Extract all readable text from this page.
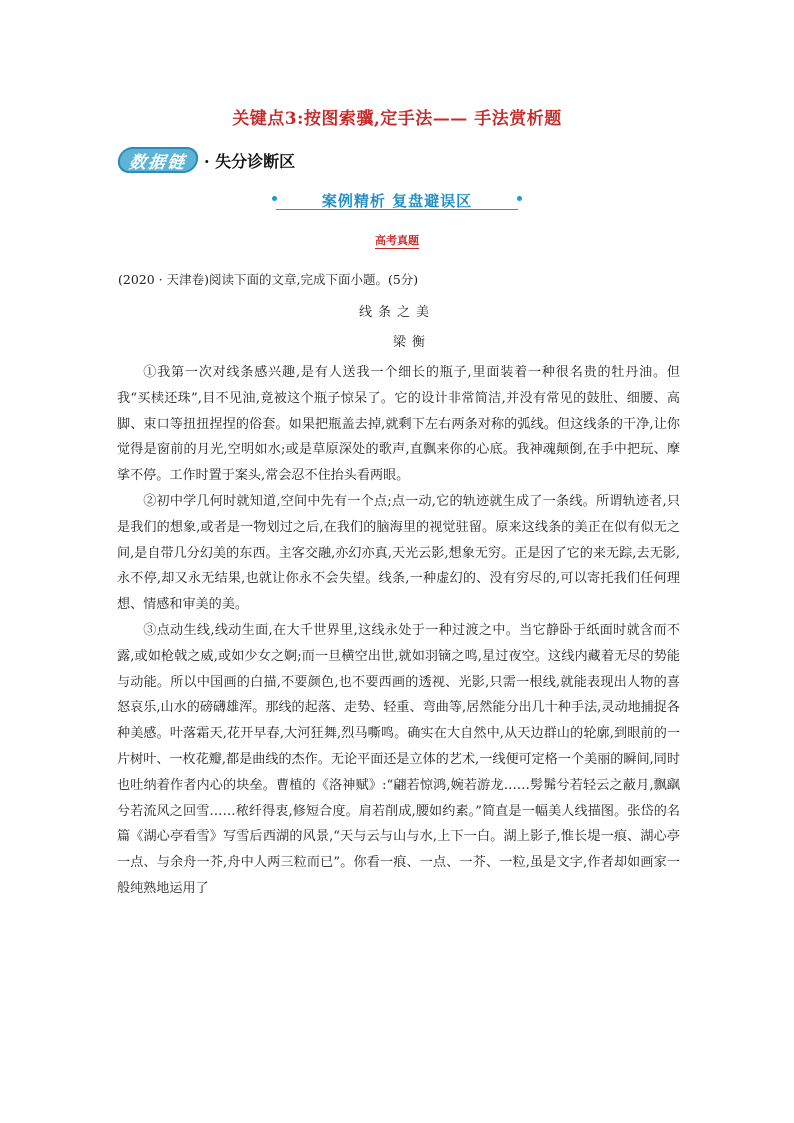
关键点3:按图索骥,定手法—— 手法赏析题
数据链	· 失分诊断区
案例精析 复盘避误区
高考真题
(2020 · 天津卷)阅读下面的文章,完成下面小题。(5分)
线条之美
梁衡

①我第一次对线条感兴趣,是有人送我一个细长的瓶子,里面装着一种很名贵的牡丹油。但我“买椟还珠”,目不见油,竟被这个瓶子惊呆了。它的设计非常简洁,并没有常见的鼓肚、细腰、高脚、束口等扭扭捏捏的俗套。如果把瓶盖去掉,就剩下左右两条对称的弧线。但这线条的干净,让你觉得是窗前的月光,空明如水;或是草原深处的歌声,直飘来你的心底。我神魂颠倒,在手中把玩、摩挲不停。工作时置于案头,常会忍不住抬头看两眼。

②初中学几何时就知道,空间中先有一个点;点一动,它的轨迹就生成了一条线。所谓轨迹者,只是我们的想象,或者是一物划过之后,在我们的脑海里的视觉驻留。原来这线条的美正在似有似无之间,是自带几分幻美的东西。主客交融,亦幻亦真,天光云影,想象无穷。正是因了它的来无踪,去无影,永不停,却又永无结果,也就让你永不会失望。线条,一种虚幻的、没有穷尽的,可以寄托我们任何理想、情感和审美的美。

③点动生线,线动生面,在大千世界里,这线永处于一种过渡之中。当它静卧于纸面时就含而不露,或如枪戟之威,或如少女之婀;而一旦横空出世,就如羽镝之鸣,星过夜空。这线内藏着无尽的势能与动能。所以中国画的白描,不要颜色,也不要西画的透视、光影,只需一根线,就能表现出人物的喜怒哀乐,山水的磅礴雄浑。那线的起落、走势、轻重、弯曲等,居然能分出几十种手法,灵动地捕捉各种美感。叶落霜天,花开早春,大河狂舞,烈马嘶鸣。确实在大自然中,从天边群山的轮廓,到眼前的一片树叶、一枚花瓣,都是曲线的杰作。无论平面还是立体的艺术,一线便可定格一个美丽的瞬间,同时也吐纳着作者内心的块垒。曹植的《洛神赋》:“翩若惊鸿,婉若游龙……髣髴兮若轻云之蔽月,飘飖兮若流风之回雪……秾纤得衷,修短合度。肩若削成,腰如约素。”简直是一幅美人线描图。张岱的名篇《湖心亭看雪》写雪后西湖的风景,“天与云与山与水,上下一白。湖上影子,惟长堤一痕、湖心亭一点、与余舟一芥,舟中人两三粒而已”。你看一痕、一点、一芥、一粒,虽是文字,作者却如画家一般纯熟地运用了
